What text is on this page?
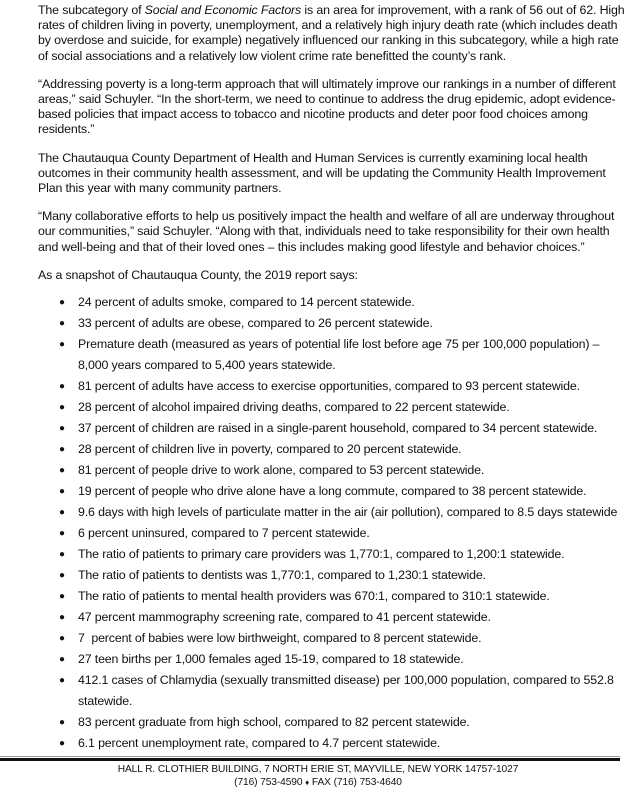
The subcategory of Social and Economic Factors is an area for improvement, with a rank of 56 out of 62. High rates of children living in poverty, unemployment, and a relatively high injury death rate (which includes death by overdose and suicide, for example) negatively influenced our ranking in this subcategory, while a high rate of social associations and a relatively low violent crime rate benefitted the county’s rank.

“Addressing poverty is a long-term approach that will ultimately improve our rankings in a number of different areas,” said Schuyler. “In the short-term, we need to continue to address the drug epidemic, adopt evidence-based policies that impact access to tobacco and nicotine products and deter poor food choices among residents.”

The Chautauqua County Department of Health and Human Services is currently examining local health outcomes in their community health assessment, and will be updating the Community Health Improvement Plan this year with many community partners.

“Many collaborative efforts to help us positively impact the health and welfare of all are underway throughout our communities,” said Schuyler. “Along with that, individuals need to take responsibility for their own health and well-being and that of their loved ones – this includes making good lifestyle and behavior choices.”

As a snapshot of Chautauqua County, the 2019 report says:

● 24 percent of adults smoke, compared to 14 percent statewide.
● 33 percent of adults are obese, compared to 26 percent statewide.
● Premature death (measured as years of potential life lost before age 75 per 100,000 population) – 8,000 years compared to 5,400 years statewide.
● 81 percent of adults have access to exercise opportunities, compared to 93 percent statewide.
● 28 percent of alcohol impaired driving deaths, compared to 22 percent statewide.
● 37 percent of children are raised in a single-parent household, compared to 34 percent statewide.
● 28 percent of children live in poverty, compared to 20 percent statewide.
● 81 percent of people drive to work alone, compared to 53 percent statewide.
● 19 percent of people who drive alone have a long commute, compared to 38 percent statewide.
● 9.6 days with high levels of particulate matter in the air (air pollution), compared to 8.5 days statewide
● 6 percent uninsured, compared to 7 percent statewide.
● The ratio of patients to primary care providers was 1,770:1, compared to 1,200:1 statewide.
● The ratio of patients to dentists was 1,770:1, compared to 1,230:1 statewide.
● The ratio of patients to mental health providers was 670:1, compared to 310:1 statewide.
● 47 percent mammography screening rate, compared to 41 percent statewide.
● 7  percent of babies were low birthweight, compared to 8 percent statewide.
● 27 teen births per 1,000 females aged 15-19, compared to 18 statewide.
● 412.1 cases of Chlamydia (sexually transmitted disease) per 100,000 population, compared to 552.8 statewide.
● 83 percent graduate from high school, compared to 82 percent statewide.
● 6.1 percent unemployment rate, compared to 4.7 percent statewide.
HALL R. CLOTHIER BUILDING, 7 NORTH ERIE ST, MAYVILLE, NEW YORK 14757-1027
(716) 753-4590 ♦ FAX (716) 753-4640
